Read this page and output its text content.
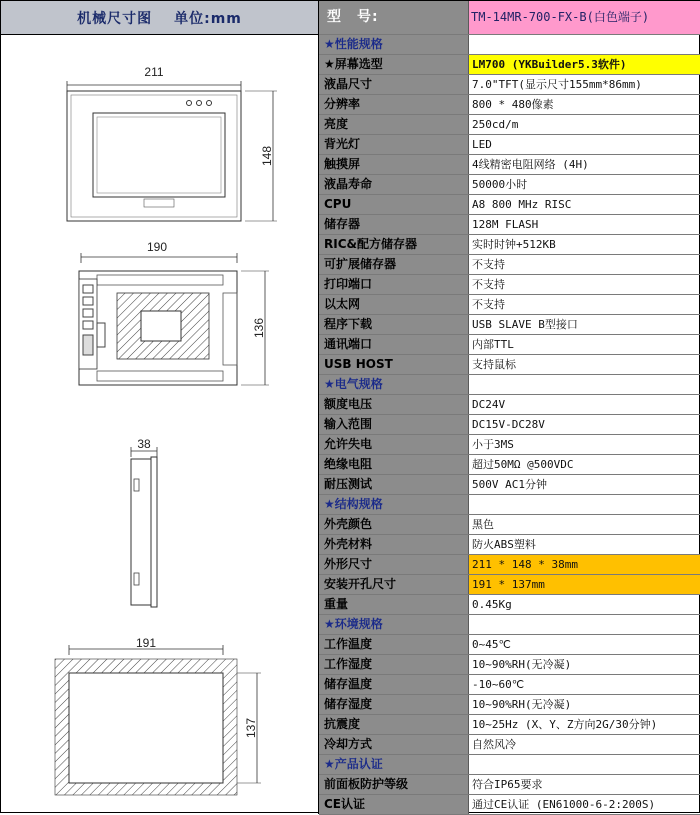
机械尺寸图 单位:mm
211
148
190
136
38
191
137
型　号:	TM-14MR-700-FX-B(白色端子)
★性能规格
★屏幕选型	LM700 (YKBuilder5.3软件)
液晶尺寸	7.0"TFT(显示尺寸155mm*86mm)
分辨率	800 * 480像素
亮度	250cd/m
背光灯	LED
触摸屏	4线精密电阻网络 (4H)
液晶寿命	50000小时
CPU	A8 800 MHz RISC
储存器	128M FLASH
RIC&配方储存器	实时时钟+512KB
可扩展储存器	不支持
打印端口	不支持
以太网	不支持
程序下载	USB SLAVE B型接口
通讯端口	内部TTL
USB HOST	支持鼠标
★电气规格
额度电压	DC24V
输入范围	DC15V-DC28V
允许失电	小于3MS
绝缘电阻	超过50MΩ @500VDC
耐压测试	500V AC1分钟
★结构规格
外壳颜色	黑色
外壳材料	防火ABS塑料
外形尺寸	211 * 148 * 38mm
安装开孔尺寸	191 * 137mm
重量	0.45Kg
★环境规格
工作温度	0~45℃
工作湿度	10~90%RH(无冷凝)
储存温度	-10~60℃
储存湿度	10~90%RH(无冷凝)
抗震度	10~25Hz (X、Y、Z方向2G/30分钟)
冷却方式	自然风冷
★产品认证
前面板防护等级	符合IP65要求
CE认证	通过CE认证 (EN61000-6-2:200S)
